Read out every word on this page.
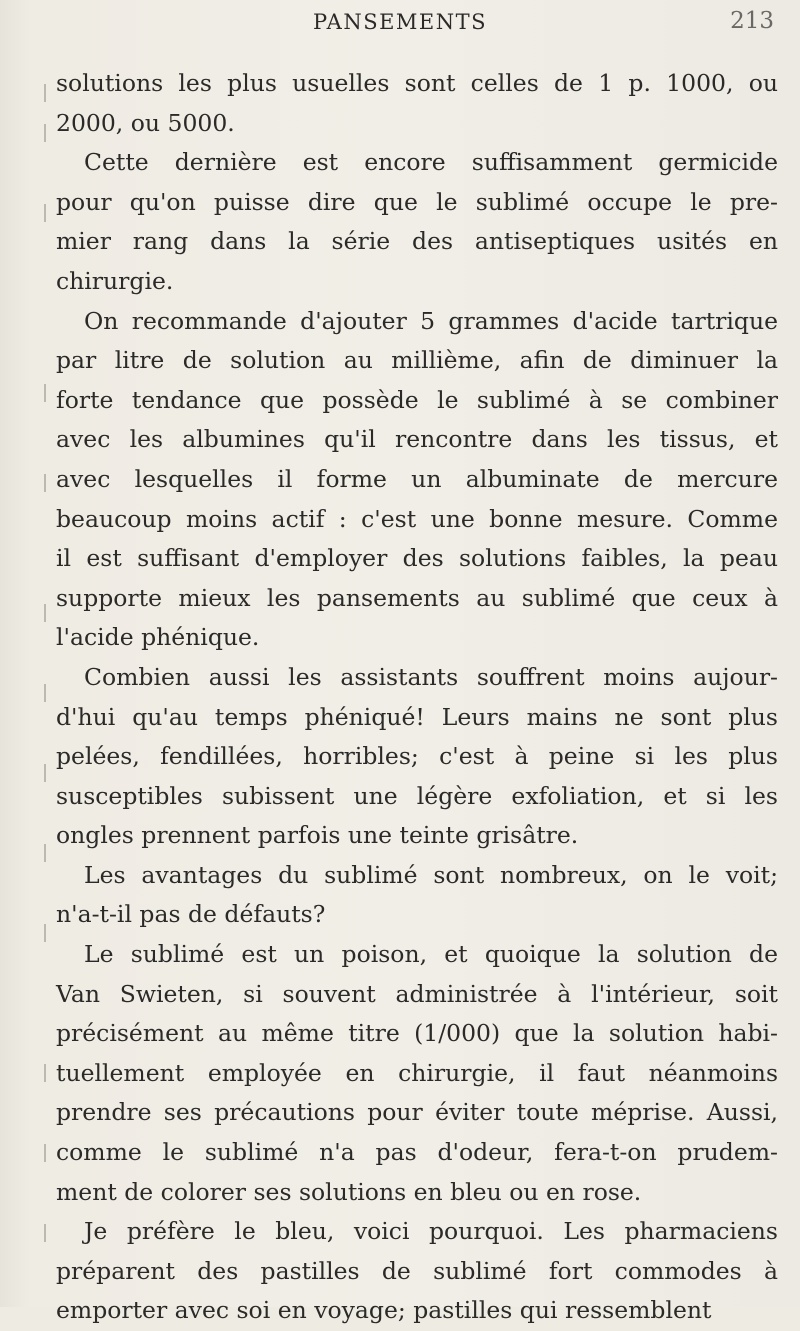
PANSEMENTS	213
solutions les plus usuelles sont celles de 1 p. 1000, ou
2000, ou 5000.
Cette dernière est encore suffisamment germicide
pour qu'on puisse dire que le sublimé occupe le pre-
mier rang dans la série des antiseptiques usités en
chirurgie.
On recommande d'ajouter 5 grammes d'acide tartrique
par litre de solution au millième, afin de diminuer la
forte tendance que possède le sublimé à se combiner
avec les albumines qu'il rencontre dans les tissus, et
avec lesquelles il forme un albuminate de mercure
beaucoup moins actif : c'est une bonne mesure. Comme
il est suffisant d'employer des solutions faibles, la peau
supporte mieux les pansements au sublimé que ceux à
l'acide phénique.
Combien aussi les assistants souffrent moins aujour-
d'hui qu'au temps phéniqué! Leurs mains ne sont plus
pelées, fendillées, horribles; c'est à peine si les plus
susceptibles subissent une légère exfoliation, et si les
ongles prennent parfois une teinte grisâtre.
Les avantages du sublimé sont nombreux, on le voit;
n'a-t-il pas de défauts?
Le sublimé est un poison, et quoique la solution de
Van Swieten, si souvent administrée à l'intérieur, soit
précisément au même titre (1/000) que la solution habi-
tuellement employée en chirurgie, il faut néanmoins
prendre ses précautions pour éviter toute méprise. Aussi,
comme le sublimé n'a pas d'odeur, fera-t-on prudem-
ment de colorer ses solutions en bleu ou en rose.
Je préfère le bleu, voici pourquoi. Les pharmaciens
préparent des pastilles de sublimé fort commodes à
emporter avec soi en voyage; pastilles qui ressemblent
